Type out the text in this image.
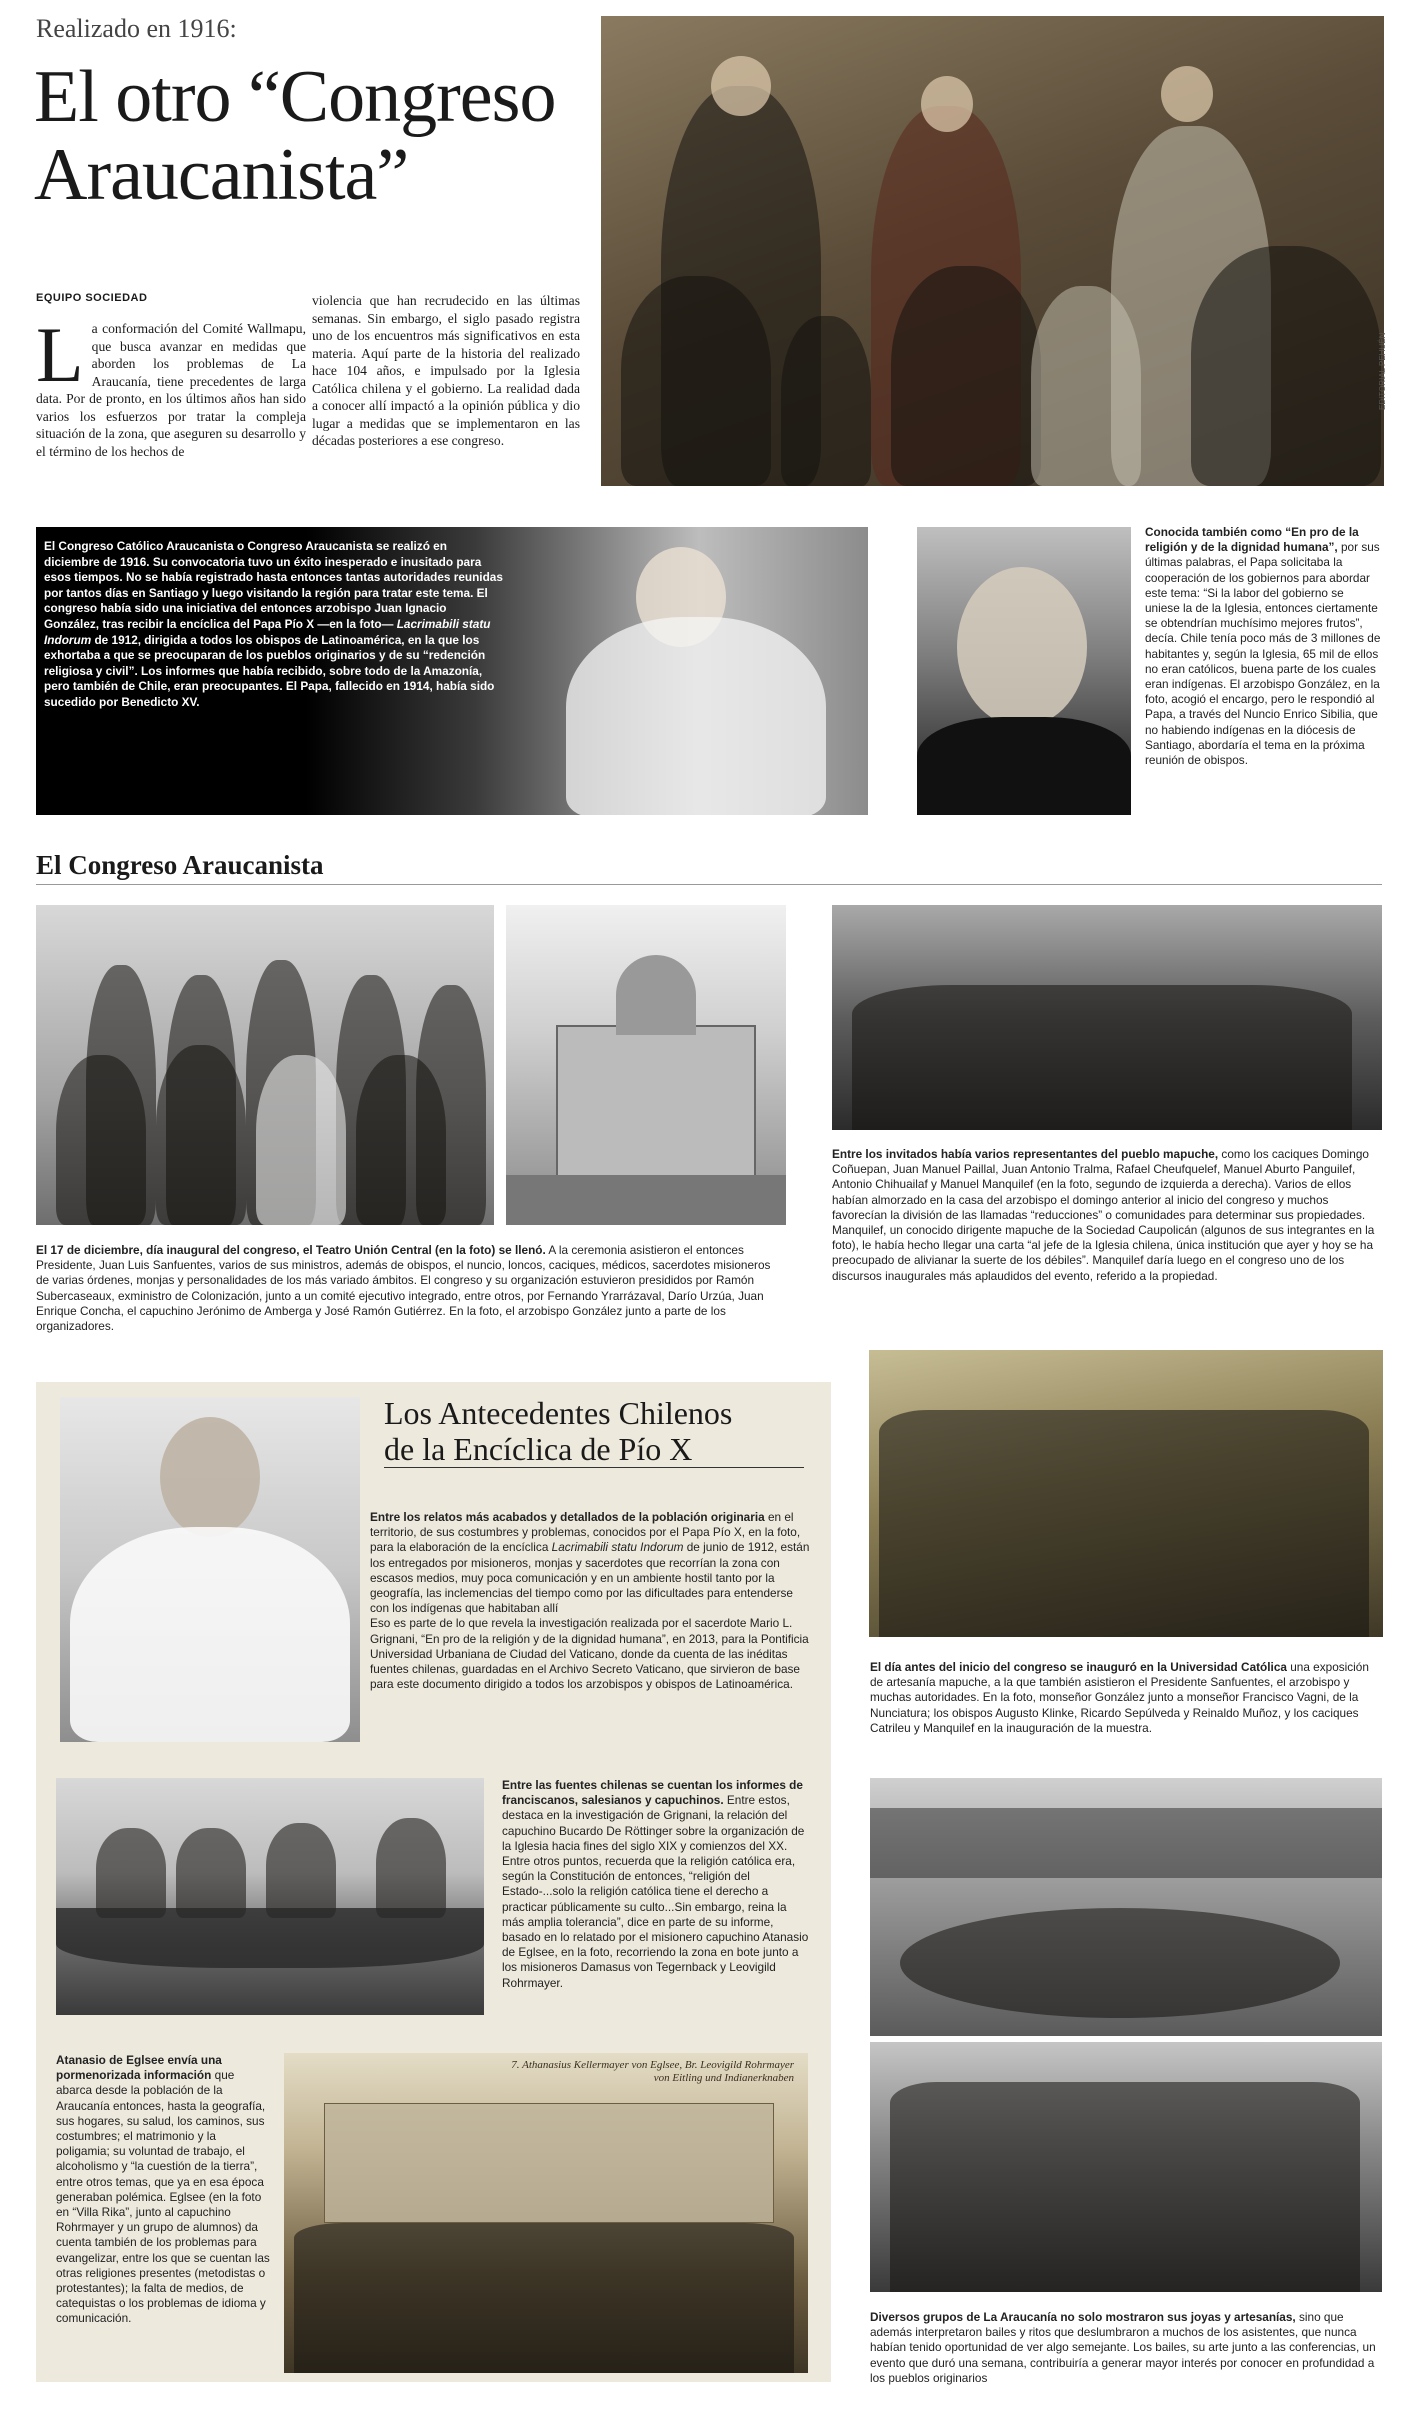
Realizado en 1916:
El otro “Congreso
Araucanista”
EQUIPO SOCIEDAD
La conformación del Comité Wallmapu, que busca avanzar en medidas que aborden los problemas de La Araucanía, tiene precedentes de larga data. Por de pronto, en los últimos años han sido varios los esfuerzos por tratar la compleja situación de la zona, que aseguren su desarrollo y el término de los hechos de
violencia que han recrudecido en las últimas semanas. Sin embargo, el siglo pasado registra uno de los encuentros más significativos en esta materia. Aquí parte de la historia del realizado hace 104 años, e impulsado por la Iglesia Católica chilena y el gobierno. La realidad dada a conocer allí impactó a la opinión pública y dio lugar a medidas que se implementaron en las décadas posteriores a ese congreso.
EDITORIAL PEHUÉN
El Congreso Católico Araucanista o Congreso Araucanista se realizó en diciembre de 1916. Su convocatoria tuvo un éxito inesperado e inusitado para esos tiempos. No se había registrado hasta entonces tantas autoridades reunidas por tantos días en Santiago y luego visitando la región para tratar este tema. El congreso había sido una iniciativa del entonces arzobispo Juan Ignacio González, tras recibir la encíclica del Papa Pío X —en la foto— Lacrimabili statu Indorum de 1912, dirigida a todos los obispos de Latinoamérica, en la que los exhortaba a que se preocuparan de los pueblos originarios y de su “redención religiosa y civil”. Los informes que había recibido, sobre todo de la Amazonía, pero también de Chile, eran preocupantes. El Papa, fallecido en 1914, había sido sucedido por Benedicto XV.
Conocida también como “En pro de la religión y de la dignidad humana”, por sus últimas palabras, el Papa solicitaba la cooperación de los gobiernos para abordar este tema: “Si la labor del gobierno se uniese la de la Iglesia, entonces ciertamente se obtendrían muchísimo mejores frutos”, decía. Chile tenía poco más de 3 millones de habitantes y, según la Iglesia, 65 mil de ellos no eran católicos, buena parte de los cuales eran indígenas. El arzobispo González, en la foto, acogió el encargo, pero le respondió al Papa, a través del Nuncio Enrico Sibilia, que no habiendo indígenas en la diócesis de Santiago, abordaría el tema en la próxima reunión de obispos.
El Congreso Araucanista
El 17 de diciembre, día inaugural del congreso, el Teatro Unión Central (en la foto) se llenó. A la ceremonia asistieron el entonces Presidente, Juan Luis Sanfuentes, varios de sus ministros, además de obispos, el nuncio, loncos, caciques, médicos, sacerdotes misioneros de varias órdenes, monjas y personalidades de los más variado ámbitos. El congreso y su organización estuvieron presididos por Ramón Subercaseaux, exministro de Colonización, junto a un comité ejecutivo integrado, entre otros, por Fernando Yrarrázaval, Darío Urzúa, Juan Enrique Concha, el capuchino Jerónimo de Amberga y José Ramón Gutiérrez. En la foto, el arzobispo González junto a parte de los organizadores.
Entre los invitados había varios representantes del pueblo mapuche, como los caciques Domingo Coñuepan, Juan Manuel Paillal, Juan Antonio Tralma, Rafael Cheufquelef, Manuel Aburto Panguilef, Antonio Chihuailaf y Manuel Manquilef (en la foto, segundo de izquierda a derecha). Varios de ellos habían almorzado en la casa del arzobispo el domingo anterior al inicio del congreso y muchos favorecían la división de las llamadas “reducciones” o comunidades para determinar sus propiedades. Manquilef, un conocido dirigente mapuche de la Sociedad Caupolicán (algunos de sus integrantes en la foto), le había hecho llegar una carta “al jefe de la Iglesia chilena, única institución que ayer y hoy se ha preocupado de alivianar la suerte de los débiles”. Manquilef daría luego en el congreso uno de los discursos inaugurales más aplaudidos del evento, referido a la propiedad.
Los Antecedentes Chilenos
de la Encíclica de Pío X
Entre los relatos más acabados y detallados de la población originaria en el territorio, de sus costumbres y problemas, conocidos por el Papa Pío X, en la foto, para la elaboración de la encíclica Lacrimabili statu Indorum de junio de 1912, están los entregados por misioneros, monjas y sacerdotes que recorrían la zona con escasos medios, muy poca comunicación y en un ambiente hostil tanto por la geografía, las inclemencias del tiempo como por las dificultades para entenderse con los indígenas que habitaban allí
Eso es parte de lo que revela la investigación realizada por el sacerdote Mario L. Grignani, “En pro de la religión y de la dignidad humana”, en 2013, para la Pontificia Universidad Urbaniana de Ciudad del Vaticano, donde da cuenta de las inéditas fuentes chilenas, guardadas en el Archivo Secreto Vaticano, que sirvieron de base para este documento dirigido a todos los arzobispos y obispos de Latinoamérica.
Entre las fuentes chilenas se cuentan los informes de franciscanos, salesianos y capuchinos. Entre estos, destaca en la investigación de Grignani, la relación del capuchino Bucardo De Röttinger sobre la organización de la Iglesia hacia fines del siglo XIX y comienzos del XX. Entre otros puntos, recuerda que la religión católica era, según la Constitución de entonces, “religión del Estado-...solo la religión católica tiene el derecho a practicar públicamente su culto...Sin embargo, reina la más amplia tolerancia”, dice en parte de su informe, basado en lo relatado por el misionero capuchino Atanasio de Eglsee, en la foto, recorriendo la zona en bote junto a los misioneros Damasus von Tegernback y Leovigild Rohrmayer.
Atanasio de Eglsee envía una pormenorizada información que abarca desde la población de la Araucanía entonces, hasta la geografía, sus hogares, su salud, los caminos, sus costumbres; el matrimonio y la poligamia; su voluntad de trabajo, el alcoholismo y “la cuestión de la tierra”, entre otros temas, que ya en esa época generaban polémica. Eglsee (en la foto en “Villa Rika”, junto al capuchino Rohrmayer y un grupo de alumnos) da cuenta también de los problemas para evangelizar, entre los que se cuentan las otras religiones presentes (metodistas o protestantes); la falta de medios, de catequistas o los problemas de idioma y comunicación.
7. Athanasius Kellermayer von Eglsee, Br. Leovigild Rohrmayer
von Eitling und Indianerknaben
El día antes del inicio del congreso se inauguró en la Universidad Católica una exposición de artesanía mapuche, a la que también asistieron el Presidente Sanfuentes, el arzobispo y muchas autoridades. En la foto, monseñor González junto a monseñor Francisco Vagni, de la Nunciatura; los obispos Augusto Klinke, Ricardo Sepúlveda y Reinaldo Muñoz, y los caciques Catrileu y Manquilef en la inauguración de la muestra.
Diversos grupos de La Araucanía no solo mostraron sus joyas y artesanías, sino que además interpretaron bailes y ritos que deslumbraron a muchos de los asistentes, que nunca habían tenido oportunidad de ver algo semejante. Los bailes, su arte junto a las conferencias, un evento que duró una semana, contribuiría a generar mayor interés por conocer en profundidad a los pueblos originarios
